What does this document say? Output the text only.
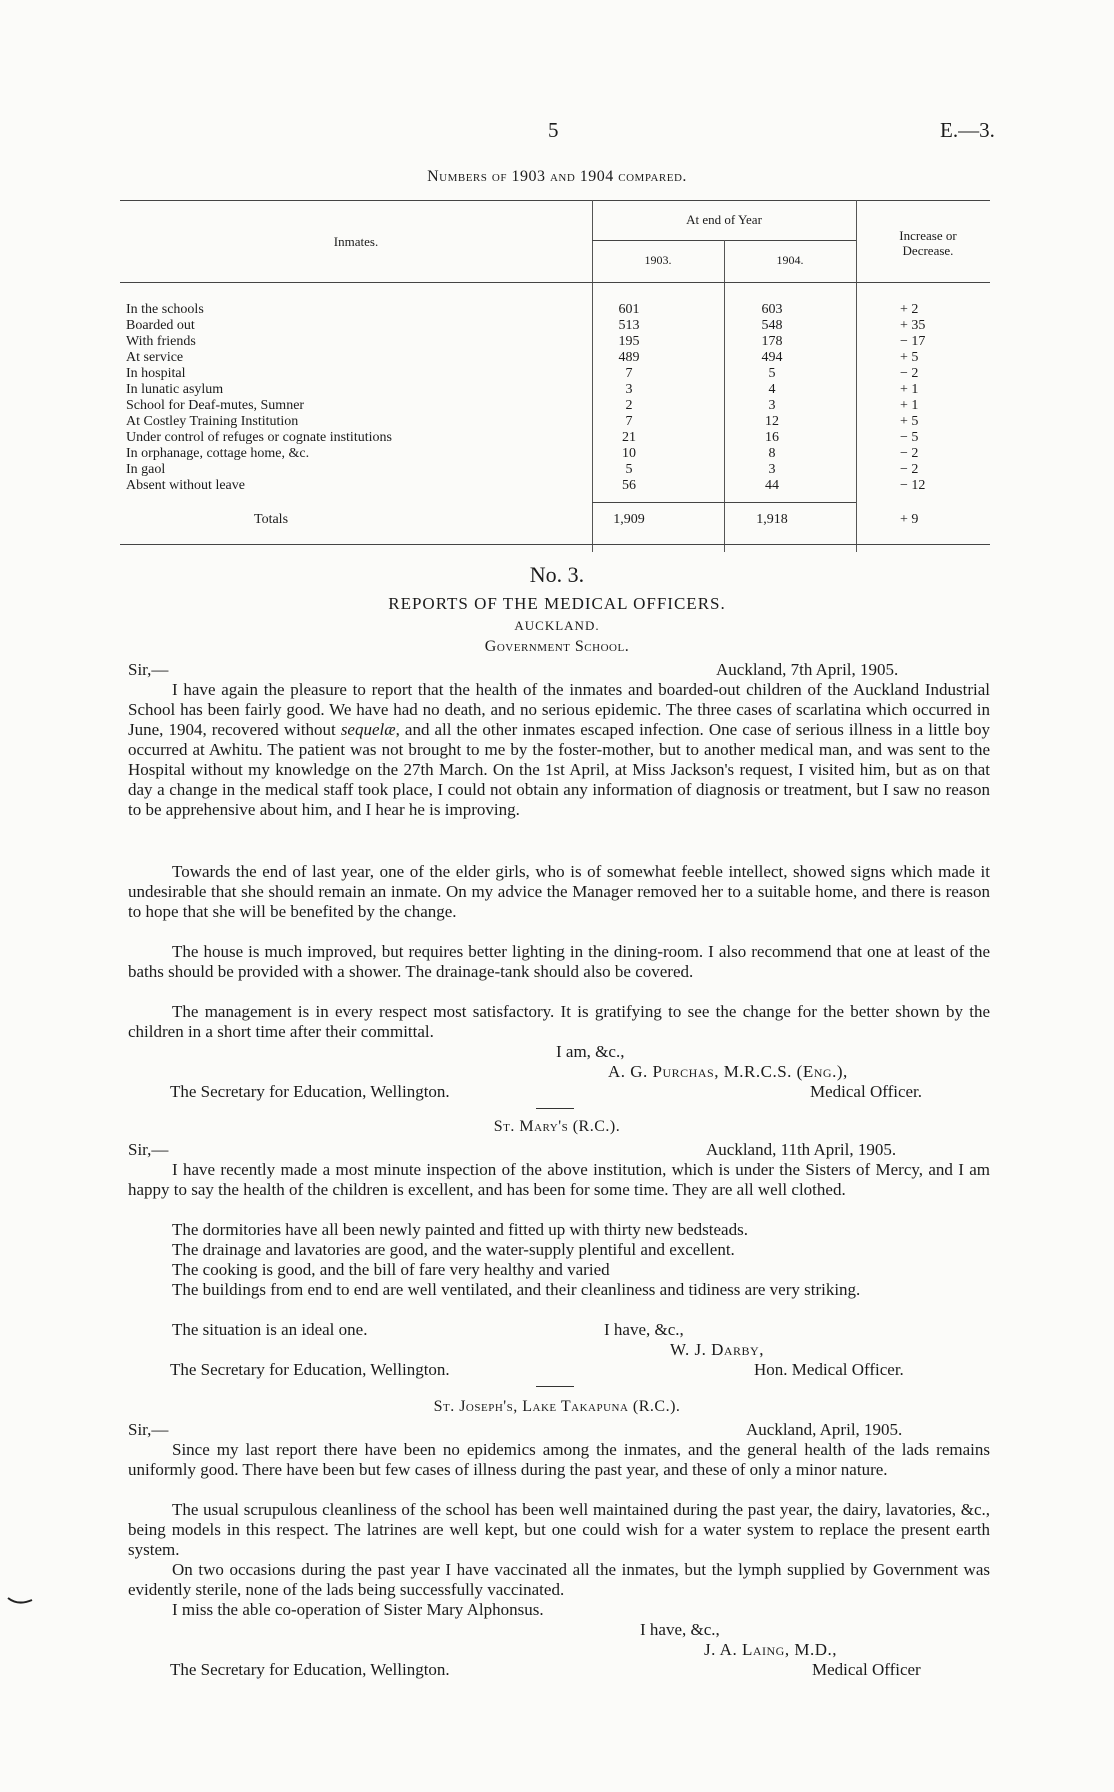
5	E.—3.
Numbers of 1903 and 1904 compared.
Inmates.
At end of Year
1903.	1904.
Increase or Decrease.
In the schools	601	603	+ 2
Boarded out	513	548	+ 35
With friends	195	178	− 17
At service	489	494	+ 5
In hospital	7	5	− 2
In lunatic asylum	3	4	+ 1
School for Deaf-mutes, Sumner	2	3	+ 1
At Costley Training Institution	7	12	+ 5
Under control of refuges or cognate institutions	21	16	− 5
In orphanage, cottage home, &c.	10	8	− 2
In gaol	5	3	− 2
Absent without leave	56	44	− 12
Totals	1,909	1,918	+ 9
No. 3.
REPORTS OF THE MEDICAL OFFICERS.
AUCKLAND.
Government School.
Sir,—	Auckland, 7th April, 1905.
I have again the pleasure to report that the health of the inmates and boarded-out children of the Auckland Industrial School has been fairly good. We have had no death, and no serious epidemic. The three cases of scarlatina which occurred in June, 1904, recovered without sequelæ, and all the other inmates escaped infection. One case of serious illness in a little boy occurred at Awhitu. The patient was not brought to me by the foster-mother, but to another medical man, and was sent to the Hospital without my knowledge on the 27th March. On the 1st April, at Miss Jackson's request, I visited him, but as on that day a change in the medical staff took place, I could not obtain any information of diagnosis or treatment, but I saw no reason to be apprehensive about him, and I hear he is improving.
Towards the end of last year, one of the elder girls, who is of somewhat feeble intellect, showed signs which made it undesirable that she should remain an inmate. On my advice the Manager removed her to a suitable home, and there is reason to hope that she will be benefited by the change.
The house is much improved, but requires better lighting in the dining-room. I also recommend that one at least of the baths should be provided with a shower. The drainage-tank should also be covered.
The management is in every respect most satisfactory. It is gratifying to see the change for the better shown by the children in a short time after their committal.
I am, &c.,
A. G. Purchas, M.R.C.S. (Eng.),
The Secretary for Education, Wellington.	Medical Officer.
St. Mary's (R.C.).
Sir,—	Auckland, 11th April, 1905.
I have recently made a most minute inspection of the above institution, which is under the Sisters of Mercy, and I am happy to say the health of the children is excellent, and has been for some time. They are all well clothed.
The dormitories have all been newly painted and fitted up with thirty new bedsteads.
The drainage and lavatories are good, and the water-supply plentiful and excellent.
The cooking is good, and the bill of fare very healthy and varied
The buildings from end to end are well ventilated, and their cleanliness and tidiness are very striking.
The situation is an ideal one.	I have, &c.,
W. J. Darby,
The Secretary for Education, Wellington.	Hon. Medical Officer.
St. Joseph's, Lake Takapuna (R.C.).
Sir,—	Auckland, April, 1905.
Since my last report there have been no epidemics among the inmates, and the general health of the lads remains uniformly good. There have been but few cases of illness during the past year, and these of only a minor nature.
The usual scrupulous cleanliness of the school has been well maintained during the past year, the dairy, lavatories, &c., being models in this respect. The latrines are well kept, but one could wish for a water system to replace the present earth system.
On two occasions during the past year I have vaccinated all the inmates, but the lymph supplied by Government was evidently sterile, none of the lads being successfully vaccinated.
I miss the able co-operation of Sister Mary Alphonsus.
I have, &c.,
J. A. Laing, M.D.,
The Secretary for Education, Wellington.	Medical Officer
